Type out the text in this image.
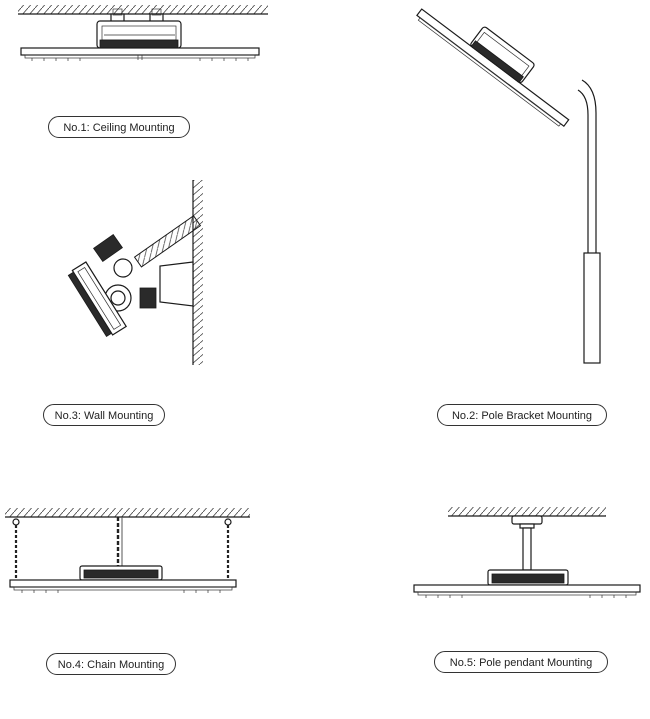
No.1: Ceiling Mounting
No.2: Pole Bracket Mounting
No.3: Wall Mounting
No.4: Chain Mounting	No.5: Pole pendant Mounting
